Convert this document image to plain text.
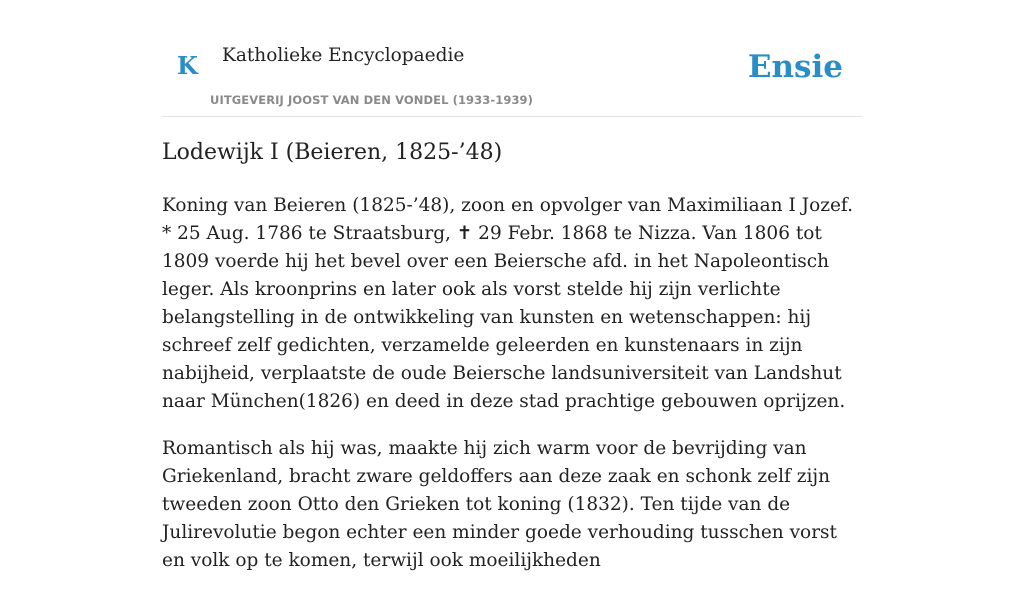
K Katholieke Encyclopaedie
UITGEVERIJ JOOST VAN DEN VONDEL (1933-1939)
Ensie
Lodewijk I (Beieren, 1825-’48)

Koning van Beieren (1825-’48), zoon en opvolger van Maximiliaan I Jozef. * 25 Aug. 1786 te Straatsburg, ✝ 29 Febr. 1868 te Nizza. Van 1806 tot 1809 voerde hij het bevel over een Beiersche afd. in het Napoleontisch leger. Als kroonprins en later ook als vorst stelde hij zijn verlichte belangstelling in de ontwikkeling van kunsten en wetenschappen: hij schreef zelf gedichten, verzamelde geleerden en kunstenaars in zijn nabijheid, verplaatste de oude Beiersche landsuniversiteit van Landshut naar München(1826) en deed in deze stad prachtige gebouwen oprijzen.

Romantisch als hij was, maakte hij zich warm voor de bevrijding van Griekenland, bracht zware geldoffers aan deze zaak en schonk zelf zijn tweeden zoon Otto den Grieken tot koning (1832). Ten tijde van de Julirevolutie begon echter een minder goede verhouding tusschen vorst en volk op te komen, terwijl ook moeilijkheden
